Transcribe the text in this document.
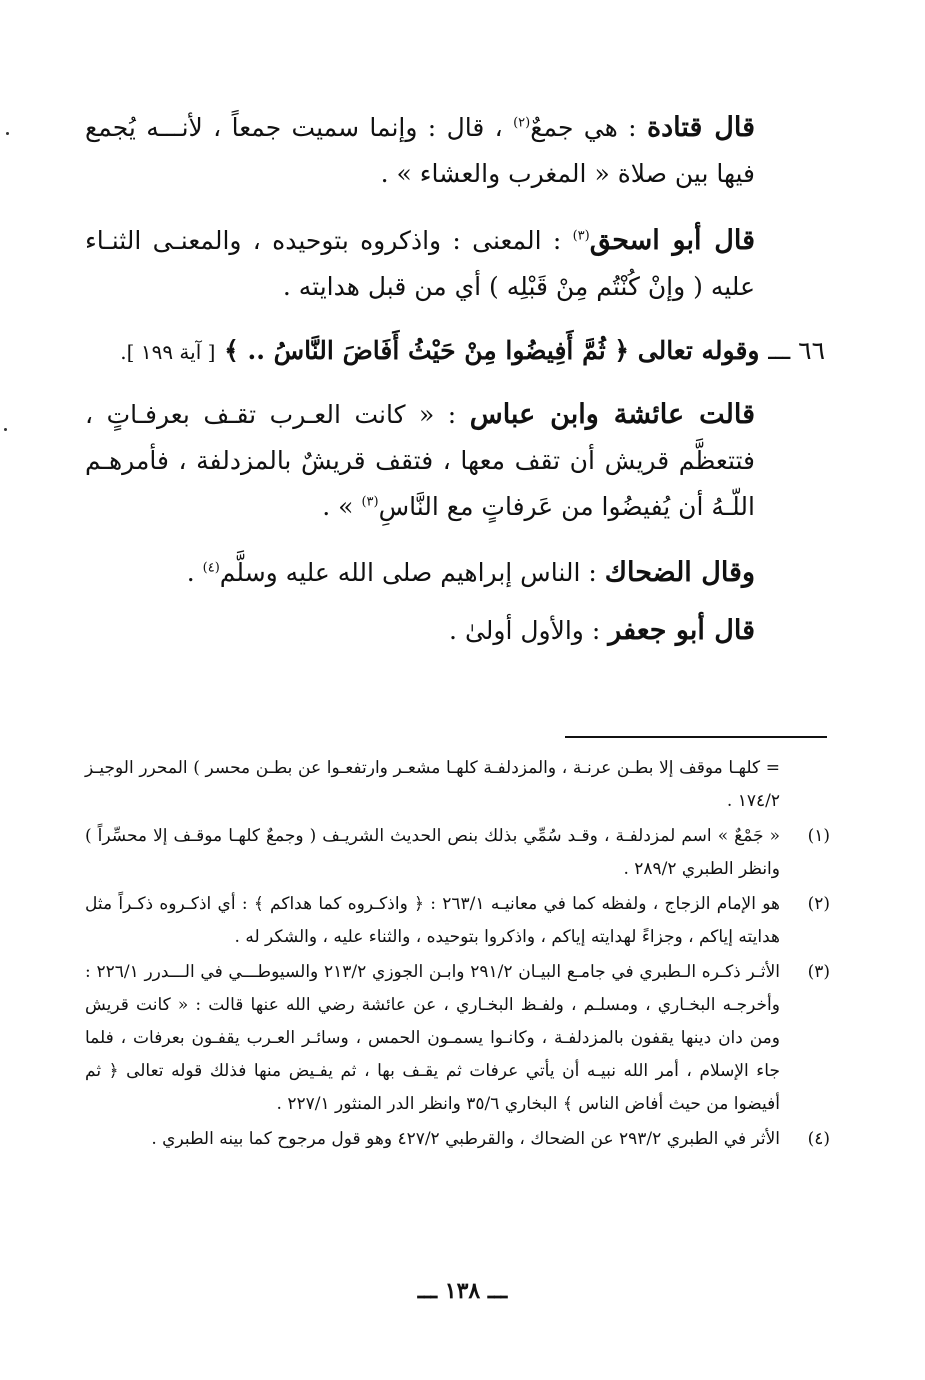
قال قتادة : هي جمعٌ$^{(٢)}$ ، قال : وإنما سميت جمعاً ، لأنـــه يُجمع فيها بين صلاة « المغرب والعشاء » .
قال أبو اسحق$^{(٣)}$ : المعنى : واذكروه بتوحيده ، والمعنـى الثنـاء عليه ( وإنْ كُنْتُم مِنْ قَبْلِه ) أي من قبل هدايته .
٦٦ ـــ وقوله تعالى ﴿ ثُمَّ أَفِيضُوا مِنْ حَيْثُ أَفَاضَ النَّاسُ .. ﴾ [ آية ١٩٩ ].
قالت عائشة وابن عباس : « كانت العـرب تقـف بعرفـاتٍ ، فتتعظَّم قريش أن تقف معها ، فتقف قريشٌ بالمزدلفة ، فأمرهـم اللّـهُ أن يُفيضُوا من عَرفاتٍ مع النَّاسِ$^{(٣)}$ » .
وقال الضحاك : الناس إبراهيم صلى الله عليه وسلَّم$^{(٤)}$ .
قال أبو جعفر : والأول أولىٰ .
= كلهـا موقف إلا بطـن عرنـة ، والمزدلفـة كلهـا مشعـر وارتفعـوا عن بطـن محسر ) المحرر الوجيـز ١٧٤/٢ .
(١)
« جَمْعٌ » اسم لمزدلفـة ، وقـد سُمِّي بذلك بنص الحديث الشريـف ( وجمعٌ كلهـا موقـف إلا محسِّراً ) وانظر الطبري ٢٨٩/٢ .
(٢)
هو الإمام الزجاج ، ولفظه كما في معانيـه ٢٦٣/١ : ﴿ واذكـروه كما هداكم ﴾ : أي اذكـروه ذكـراً مثل هدايته إياكم ، وجزاءً لهدايته إياكم ، واذكروا بتوحيده ، والثناء عليه ، والشكر له .
(٣)
الأثـر ذكـره الـطبري في جامـع البيـان ٢٩١/٢ وابـن الجوزي ٢١٣/٢ والسيوطـــي في الـــدرر ٢٢٦/١ : وأخرجـه البخـاري ، ومسلـم ، ولفـظ البخـاري ، عن عائشة رضي الله عنها قالت : « كانت قريش ومن دان دينها يقفون بالمزدلفـة ، وكانـوا يسمـون الحمس ، وسائـر العـرب يقفـون بعرفات ، فلما جاء الإسلام ، أمر الله نبيـه أن يأتي عرفات ثم يقـف بها ، ثم يفـيض منها فذلك قوله تعالى ﴿ ثم أفيضوا من حيث أفاض الناس ﴾ البخاري ٣٥/٦ وانظر الدر المنثور ٢٢٧/١ .
(٤)
الأثر في الطبري ٢٩٣/٢ عن الضحاك ، والقرطبي ٤٢٧/٢ وهو قول مرجوح كما بينه الطبري .
ـــ ١٣٨ ـــ
